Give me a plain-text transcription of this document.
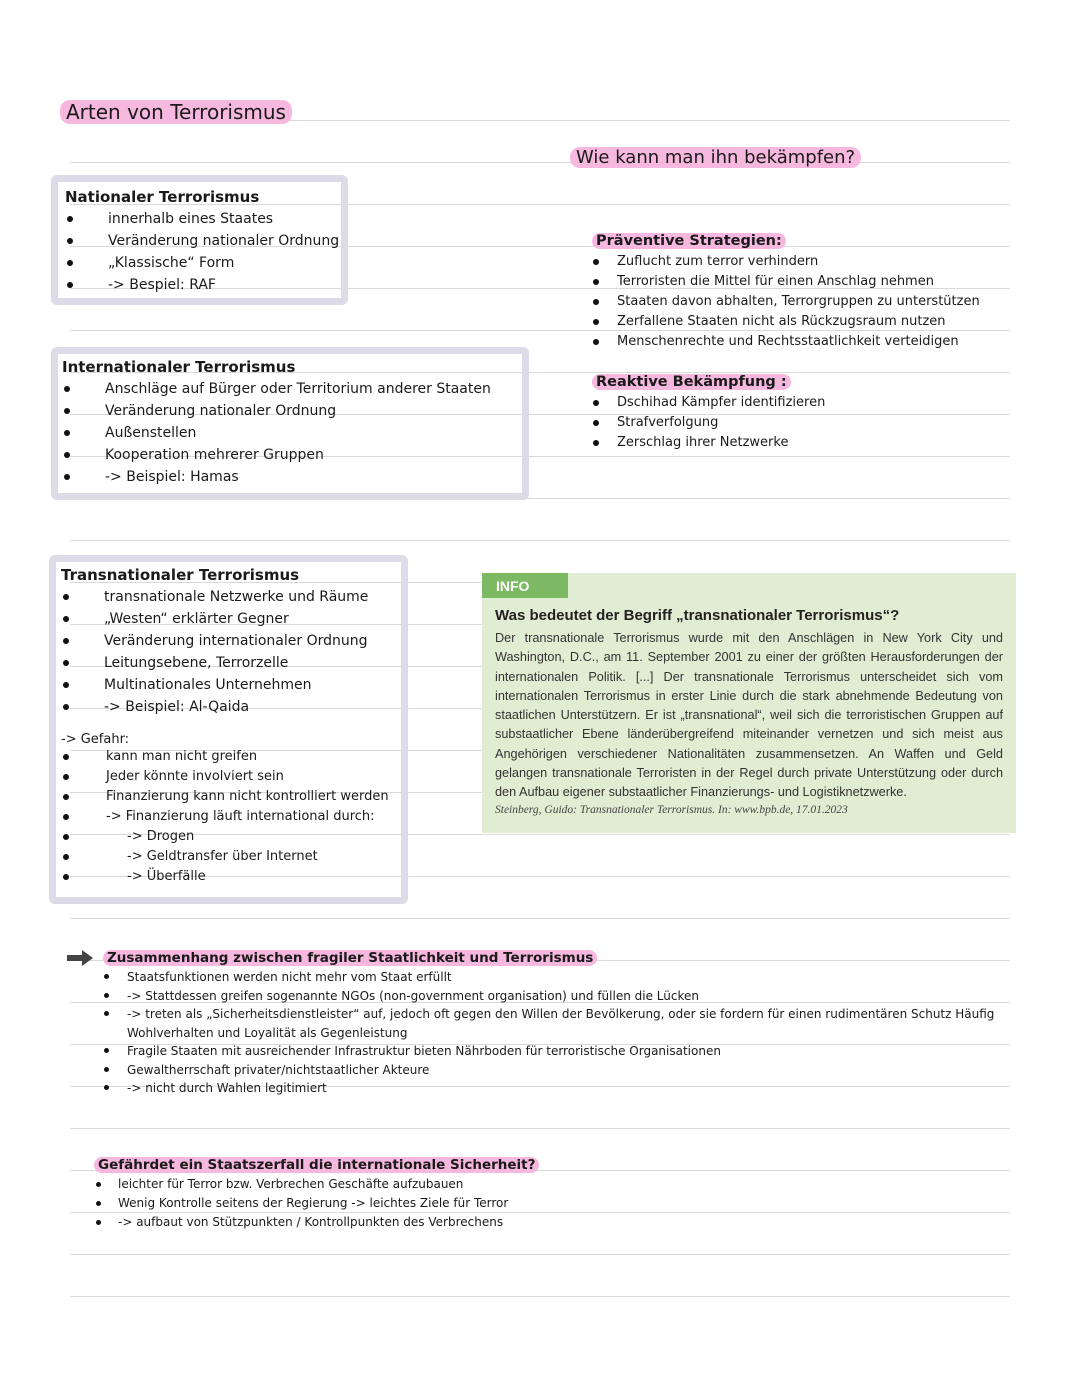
Arten von Terrorismus
Wie kann man ihn bekämpfen?
Nationaler Terrorismus
innerhalb eines Staates
Veränderung nationaler Ordnung
„Klassische“ Form
-> Bespiel: RAF
Internationaler Terrorismus
Anschläge auf Bürger oder Territorium anderer Staaten
Veränderung nationaler Ordnung
Außenstellen
Kooperation mehrerer Gruppen
-> Beispiel: Hamas
Transnationaler Terrorismus
transnationale Netzwerke und Räume
„Westen“ erklärter Gegner
Veränderung internationaler Ordnung
Leitungsebene, Terrorzelle
Multinationales Unternehmen
-> Beispiel: Al-Qaida
-> Gefahr:
kann man nicht greifen
Jeder könnte involviert sein
Finanzierung kann nicht kontrolliert werden
-> Finanzierung läuft international durch:
-> Drogen
-> Geldtransfer über Internet
-> Überfälle
Präventive Strategien:
Zuflucht zum terror verhindern
Terroristen die Mittel für einen Anschlag nehmen
Staaten davon abhalten, Terrorgruppen zu unterstützen
Zerfallene Staaten nicht als Rückzugsraum nutzen
Menschenrechte und Rechtsstaatlichkeit verteidigen
Reaktive Bekämpfung :
Dschihad Kämpfer identifizieren
Strafverfolgung
Zerschlag ihrer Netzwerke
INFO
Was bedeutet der Begriff „transnationaler Terrorismus“?
Der transnationale Terrorismus wurde mit den Anschlägen in New York City und Washington, D.C., am 11. September 2001 zu einer der größten Herausforderungen der internationalen Politik. [...] Der transnationale Terrorismus unterscheidet sich vom internationalen Terrorismus in erster Linie durch die stark abnehmende Bedeutung von staatlichen Unterstützern. Er ist „transnational“, weil sich die terroristischen Gruppen auf substaatlicher Ebene länderübergreifend miteinander vernetzen und sich meist aus Angehörigen verschiedener Nationalitäten zusammensetzen. An Waffen und Geld gelangen transnationale Terroristen in der Regel durch private Unterstützung oder durch den Aufbau eigener substaatlicher Finanzierungs- und Logistiknetzwerke.
Steinberg, Guido: Transnationaler Terrorismus. In: www.bpb.de, 17.01.2023
Zusammenhang zwischen fragiler Staatlichkeit und Terrorismus
Staatsfunktionen werden nicht mehr vom Staat erfüllt
-> Stattdessen greifen sogenannte NGOs (non-government organisation) und füllen die Lücken
-> treten als „Sicherheitsdienstleister“ auf, jedoch oft gegen den Willen der Bevölkerung, oder sie fordern für einen rudimentären Schutz Häufig Wohlverhalten und Loyalität als Gegenleistung
Fragile Staaten mit ausreichender Infrastruktur bieten Nährboden für terroristische Organisationen
Gewaltherrschaft privater/nichtstaatlicher Akteure
-> nicht durch Wahlen legitimiert
Gefährdet ein Staatszerfall die internationale Sicherheit?
leichter für Terror bzw. Verbrechen Geschäfte aufzubauen
Wenig Kontrolle seitens der Regierung -> leichtes Ziele für Terror
-> aufbaut von Stützpunkten / Kontrollpunkten des Verbrechens
